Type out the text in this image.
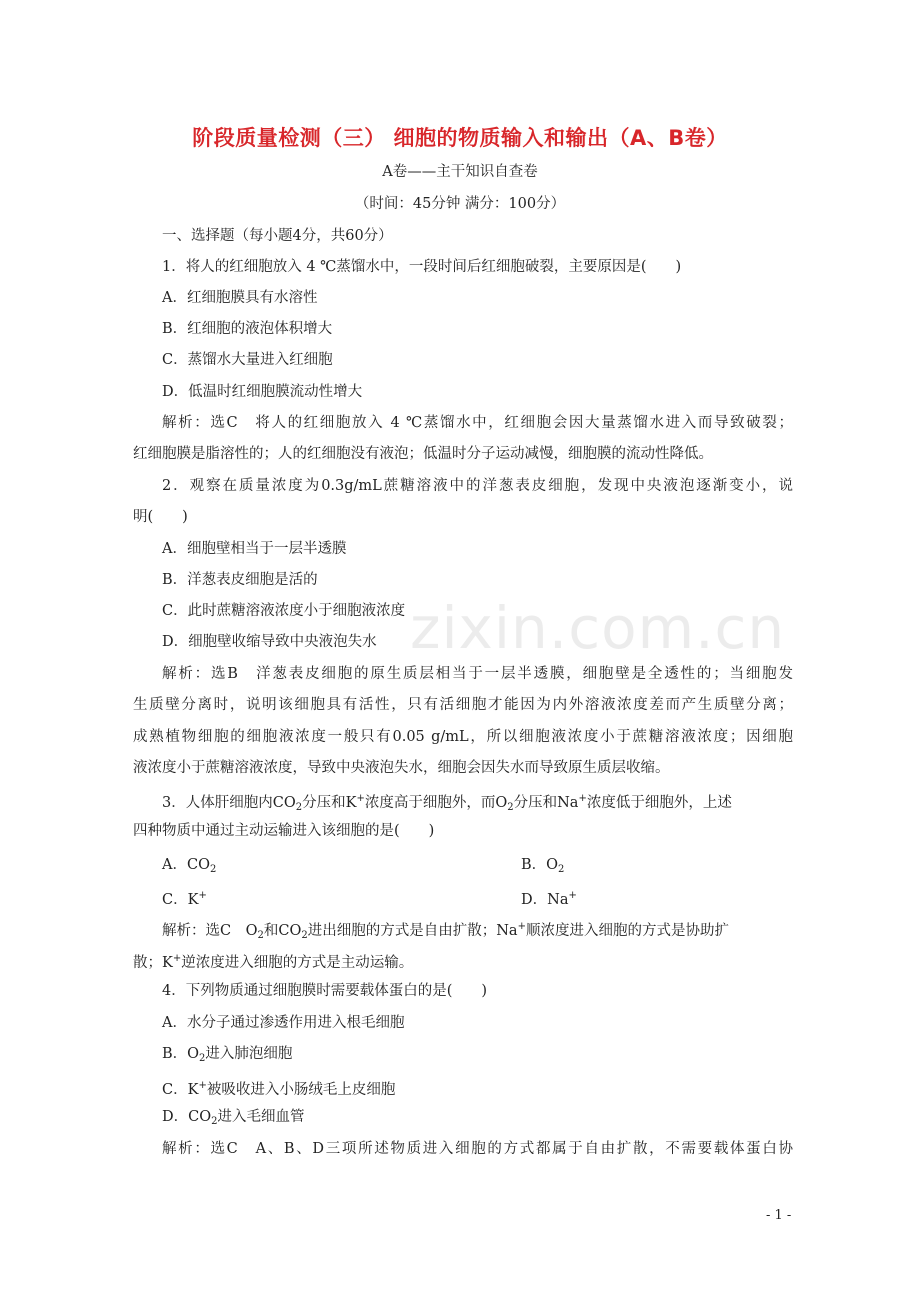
zixin.com.cn
阶段质量检测（三） 细胞的物质输入和输出（A、B卷）
A卷——主干知识自查卷
（时间：45分钟 满分：100分）
一、选择题（每小题4分，共60分）
1．将人的红细胞放入 4 ℃蒸馏水中，一段时间后红细胞破裂，主要原因是(　　)
A．红细胞膜具有水溶性
B．红细胞的液泡体积增大
C．蒸馏水大量进入红细胞
D．低温时红细胞膜流动性增大
解析：选C　将人的红细胞放入 4 ℃蒸馏水中，红细胞会因大量蒸馏水进入而导致破裂；
红细胞膜是脂溶性的；人的红细胞没有液泡；低温时分子运动减慢，细胞膜的流动性降低。
2．观察在质量浓度为0.3g/mL蔗糖溶液中的洋葱表皮细胞，发现中央液泡逐渐变小，说
明(　　)
A．细胞壁相当于一层半透膜
B．洋葱表皮细胞是活的
C．此时蔗糖溶液浓度小于细胞液浓度
D．细胞壁收缩导致中央液泡失水
解析：选B　洋葱表皮细胞的原生质层相当于一层半透膜，细胞壁是全透性的；当细胞发
生质壁分离时，说明该细胞具有活性，只有活细胞才能因为内外溶液浓度差而产生质壁分离；
成熟植物细胞的细胞液浓度一般只有0.05 g/mL，所以细胞液浓度小于蔗糖溶液浓度；因细胞
液浓度小于蔗糖溶液浓度，导致中央液泡失水，细胞会因失水而导致原生质层收缩。
3．人体肝细胞内$CO_2$分压和K+浓度高于细胞外，而$O_2$分压和Na+浓度低于细胞外，上述
四种物质中通过主动运输进入该细胞的是(　　)
A．$CO_2$	B．$O_2$
C．K+	D．Na+
解析：选C　$O_2$和$CO_2$进出细胞的方式是自由扩散；Na+顺浓度进入细胞的方式是协助扩
散；K+逆浓度进入细胞的方式是主动运输。
4．下列物质通过细胞膜时需要载体蛋白的是(　　)
A．水分子通过渗透作用进入根毛细胞
B．$O_2$进入肺泡细胞
C．K+被吸收进入小肠绒毛上皮细胞
D．$CO_2$进入毛细血管
解析：选C　A、B、D三项所述物质进入细胞的方式都属于自由扩散，不需要载体蛋白协
- 1 -
